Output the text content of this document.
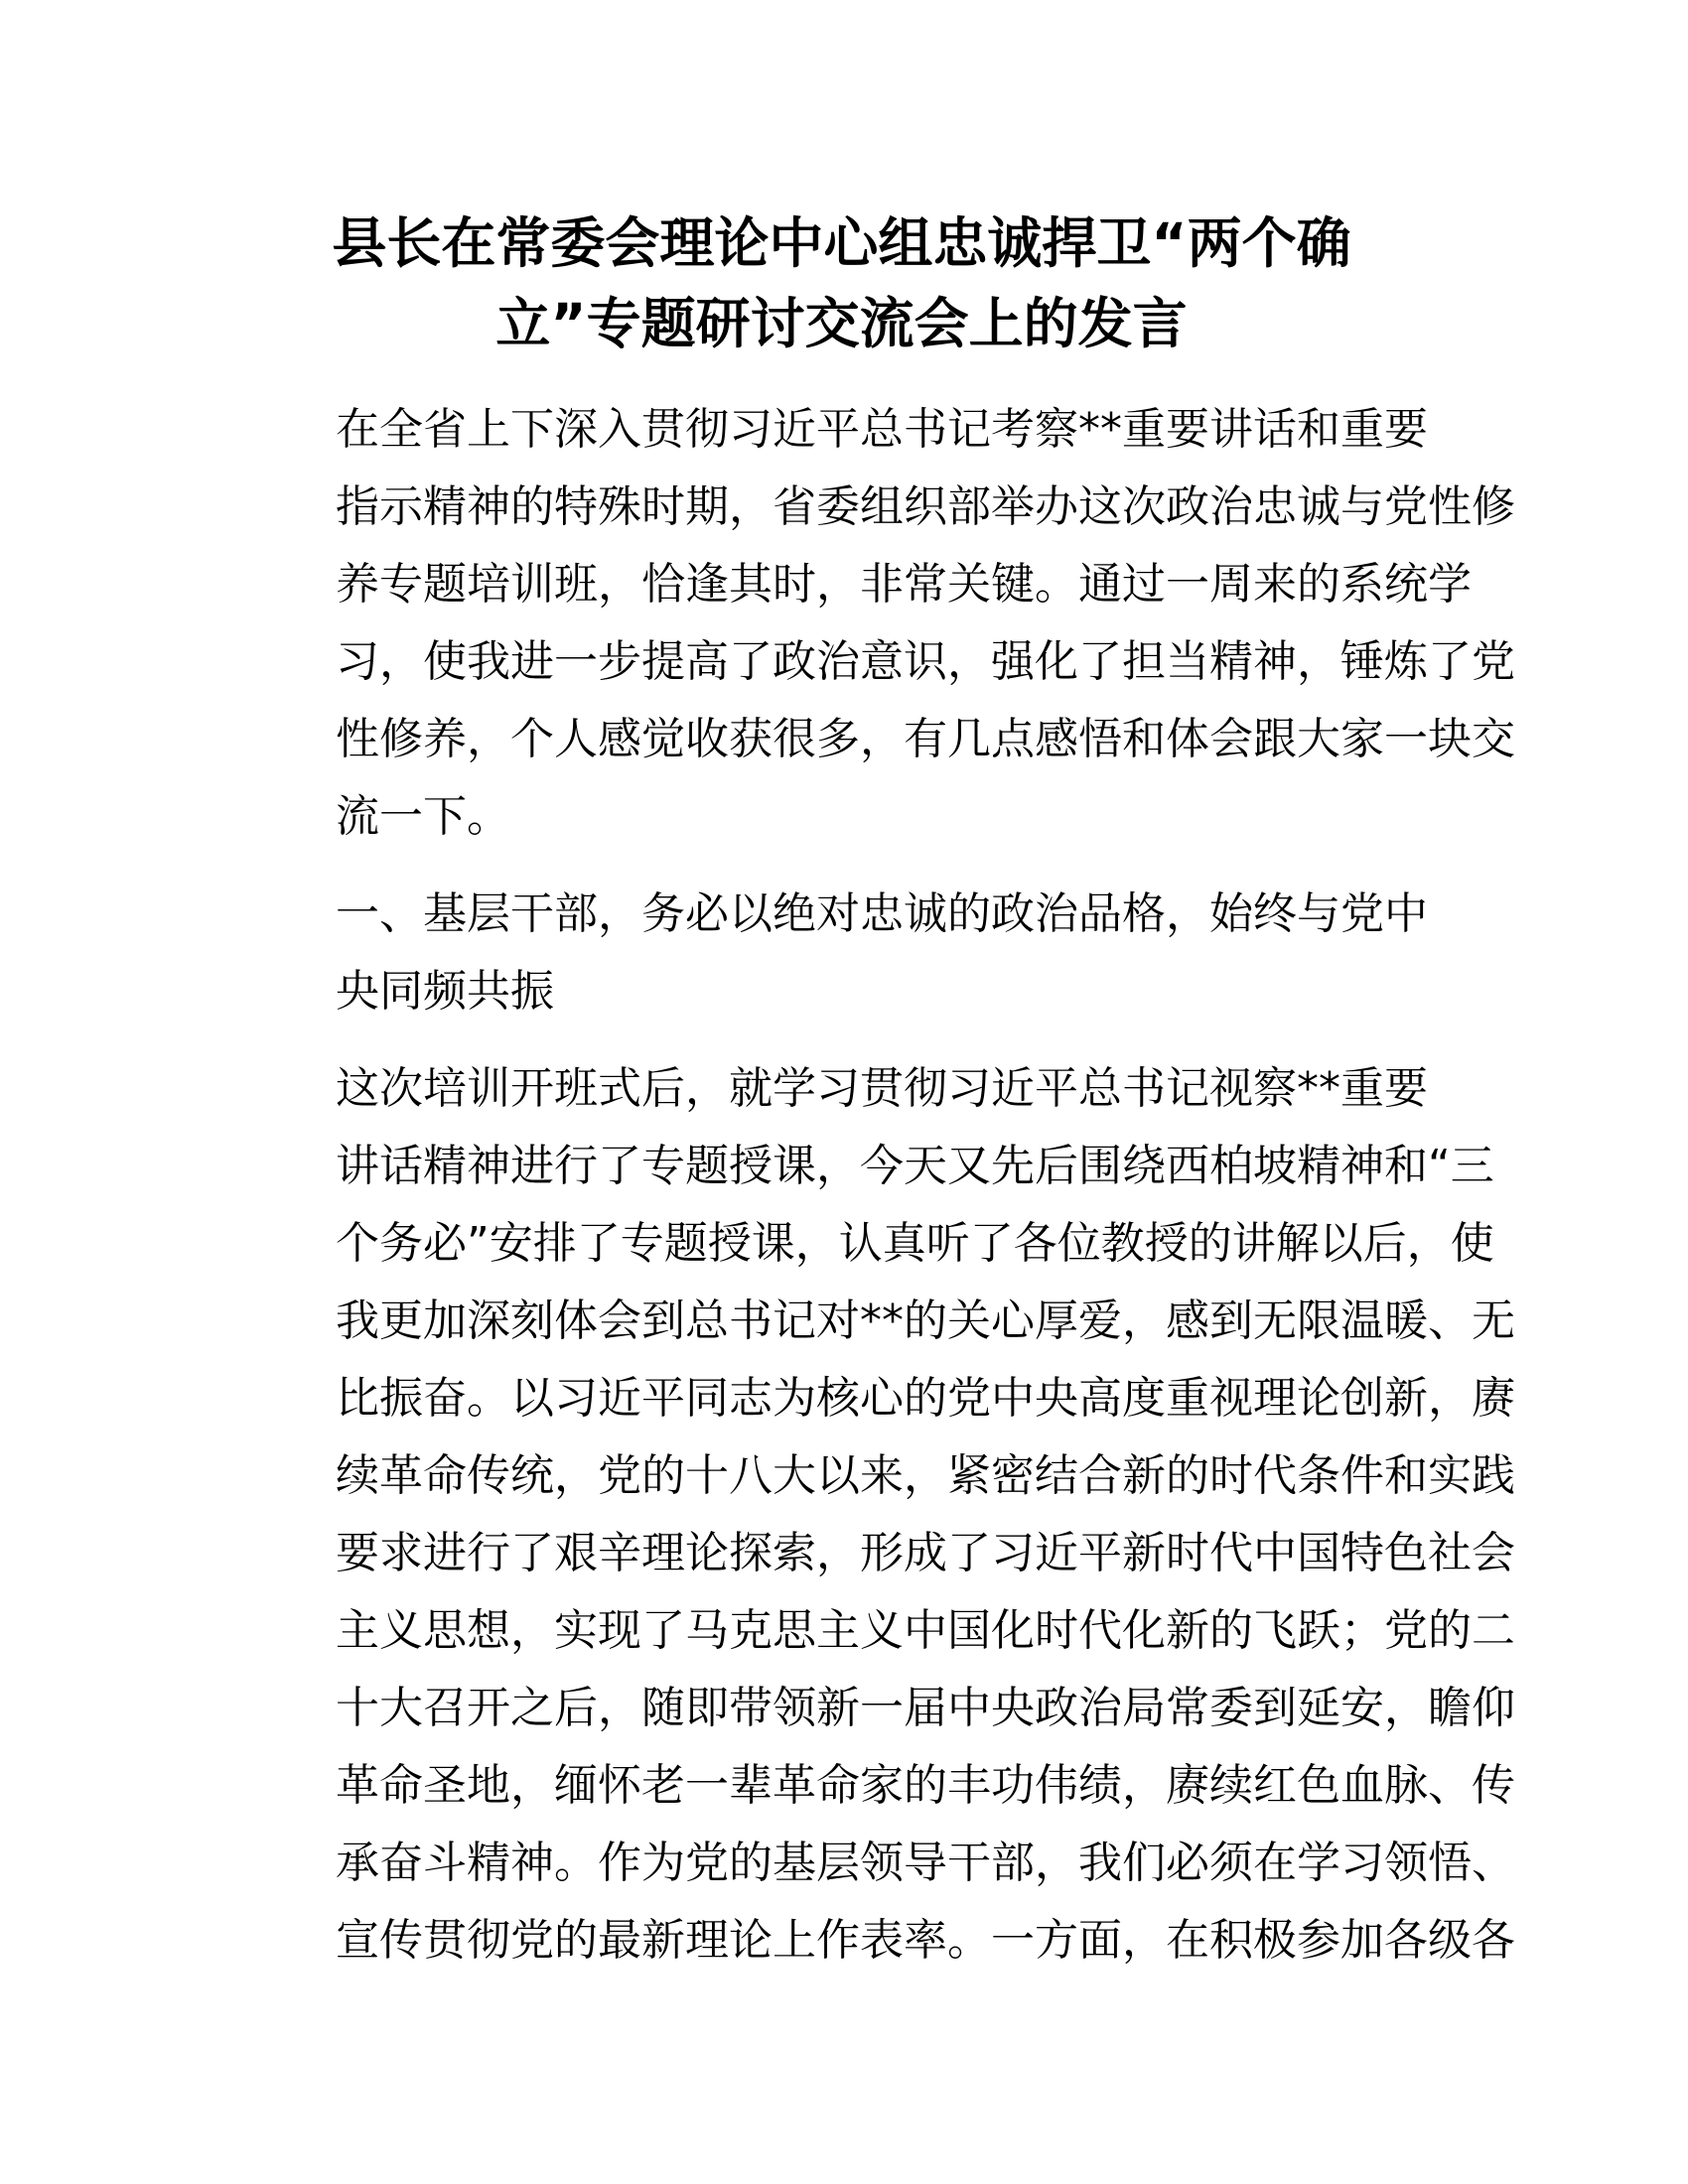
县长在常委会理论中心组忠诚捍卫“两个确
立”专题研讨交流会上的发言

在全省上下深入贯彻习近平总书记考察**重要讲话和重要
指示精神的特殊时期，省委组织部举办这次政治忠诚与党性修
养专题培训班，恰逢其时，非常关键。通过一周来的系统学
习，使我进一步提高了政治意识，强化了担当精神，锤炼了党
性修养，个人感觉收获很多，有几点感悟和体会跟大家一块交
流一下。

一、基层干部，务必以绝对忠诚的政治品格，始终与党中
央同频共振

这次培训开班式后，就学习贯彻习近平总书记视察**重要
讲话精神进行了专题授课，今天又先后围绕西柏坡精神和“三
个务必”安排了专题授课，认真听了各位教授的讲解以后，使
我更加深刻体会到总书记对**的关心厚爱，感到无限温暖、无
比振奋。以习近平同志为核心的党中央高度重视理论创新，赓
续革命传统，党的十八大以来，紧密结合新的时代条件和实践
要求进行了艰辛理论探索，形成了习近平新时代中国特色社会
主义思想，实现了马克思主义中国化时代化新的飞跃；党的二
十大召开之后，随即带领新一届中央政治局常委到延安，瞻仰
革命圣地，缅怀老一辈革命家的丰功伟绩，赓续红色血脉、传
承奋斗精神。作为党的基层领导干部，我们必须在学习领悟、
宣传贯彻党的最新理论上作表率。一方面，在积极参加各级各
